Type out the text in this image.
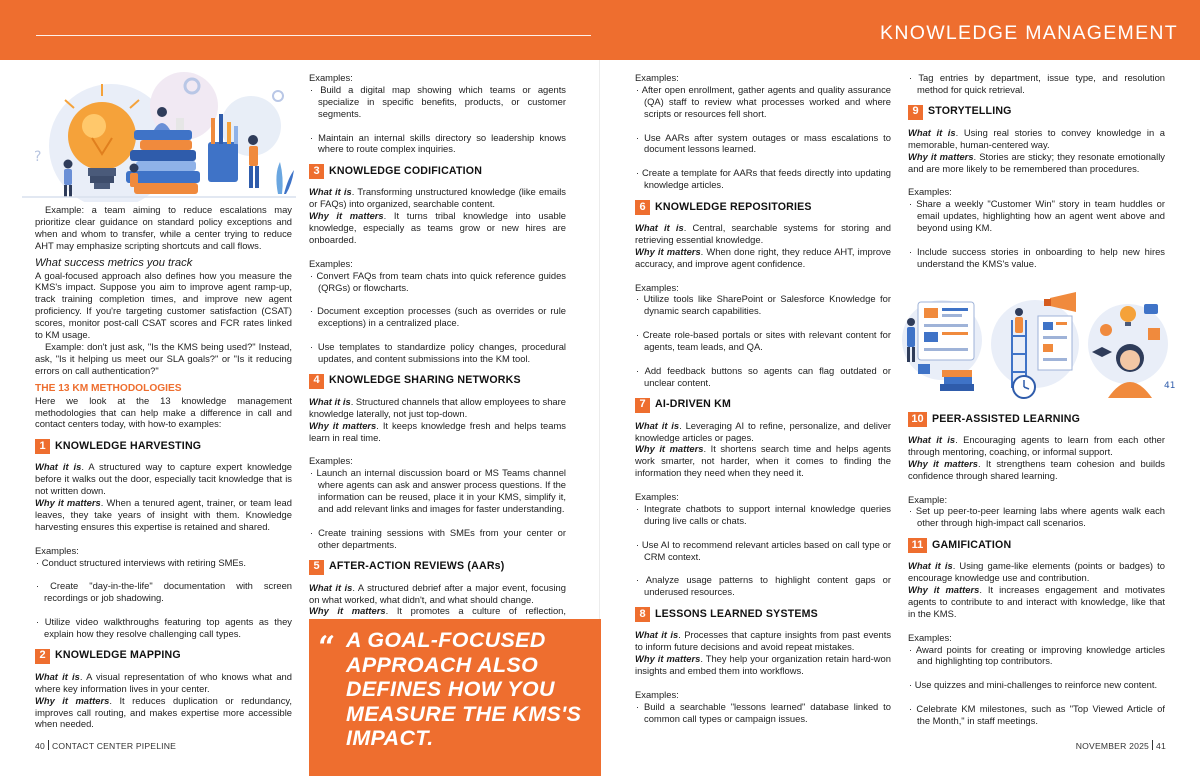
KNOWLEDGE MANAGEMENT
?

Example: a team aiming to reduce escalations may prioritize clear guidance on standard policy exceptions and when and whom to transfer, while a center trying to reduce AHT may emphasize scripting shortcuts and call flows.

What success metrics you track

A goal-focused approach also defines how you measure the KMS's impact. Suppose you aim to improve agent ramp-up, track training completion times, and improve new agent proficiency. If you're targeting customer satisfaction (CSAT) scores, monitor post-call CSAT scores and FCR rates linked to KM usage.

Example: don't just ask, "Is the KMS being used?" Instead, ask, "Is it helping us meet our SLA goals?" or "Is it reducing errors on call authentication?"

THE 13 KM METHODOLOGIES

Here we look at the 13 knowledge management methodologies that can help make a difference in call and contact centers today, with how-to examples:

1 KNOWLEDGE HARVESTING

What it is. A structured way to capture expert knowledge before it walks out the door, especially tacit knowledge that is not written down.

Why it matters. When a tenured agent, trainer, or team lead leaves, they take years of insight with them. Knowledge harvesting ensures this expertise is retained and shared.

Examples:

· Conduct structured interviews with retiring SMEs.

· Create "day-in-the-life" documentation with screen recordings or job shadowing.

· Utilize video walkthroughs featuring top agents as they explain how they resolve challenging call types.

2 KNOWLEDGE MAPPING

What it is. A visual representation of who knows what and where key information lives in your center.

Why it matters. It reduces duplication or redundancy, improves call routing, and makes expertise more accessible when needed.

Examples:

· Build a digital map showing which teams or agents specialize in specific benefits, products, or customer segments.

· Maintain an internal skills directory so leadership knows where to route complex inquiries.

3 KNOWLEDGE CODIFICATION

What it is. Transforming unstructured knowledge (like emails or FAQs) into organized, searchable content.

Why it matters. It turns tribal knowledge into usable knowledge, especially as teams grow or new hires are onboarded.

Examples:

· Convert FAQs from team chats into quick reference guides (QRGs) or flowcharts.

· Document exception processes (such as overrides or rule exceptions) in a centralized place.

· Use templates to standardize policy changes, procedural updates, and content submissions into the KM tool.

4 KNOWLEDGE SHARING NETWORKS

What it is. Structured channels that allow employees to share knowledge laterally, not just top-down.

Why it matters. It keeps knowledge fresh and helps teams learn in real time.

Examples:

· Launch an internal discussion board or MS Teams channel where agents can ask and answer process questions. If the information can be reused, place it in your KMS, simplify it, and add relevant links and images for faster understanding.

· Create training sessions with SMEs from your center or other departments.

5 AFTER-ACTION REVIEWS (AARs)

What it is. A structured debrief after a major event, focusing on what worked, what didn't, and what should change.

Why it matters. It promotes a culture of reflection,

“ A GOAL-FOCUSED APPROACH ALSO DEFINES HOW YOU MEASURE THE KMS'S IMPACT.

Examples:

· After open enrollment, gather agents and quality assurance (QA) staff to review what processes worked and where scripts or resources fell short.

· Use AARs after system outages or mass escalations to document lessons learned.

· Create a template for AARs that feeds directly into updating knowledge articles.

6 KNOWLEDGE REPOSITORIES

What it is. Central, searchable systems for storing and retrieving essential knowledge.

Why it matters. When done right, they reduce AHT, improve accuracy, and improve agent confidence.

Examples:

· Utilize tools like SharePoint or Salesforce Knowledge for dynamic search capabilities.

· Create role-based portals or sites with relevant content for agents, team leads, and QA.

· Add feedback buttons so agents can flag outdated or unclear content.

7 AI-DRIVEN KM

What it is. Leveraging AI to refine, personalize, and deliver knowledge articles or pages.

Why it matters. It shortens search time and helps agents work smarter, not harder, when it comes to finding the information they need when they need it.

Examples:

· Integrate chatbots to support internal knowledge queries during live calls or chats.

· Use AI to recommend relevant articles based on call type or CRM context.

· Analyze usage patterns to highlight content gaps or underused resources.

8 LESSONS LEARNED SYSTEMS

What it is. Processes that capture insights from past events to inform future decisions and avoid repeat mistakes.

Why it matters. They help your organization retain hard-won insights and embed them into workflows.

Examples:

· Build a searchable "lessons learned" database linked to common call types or campaign issues.

· Tag entries by department, issue type, and resolution method for quick retrieval.

9 STORYTELLING

What it is. Using real stories to convey knowledge in a memorable, human-centered way.

Why it matters. Stories are sticky; they resonate emotionally and are more likely to be remembered than procedures.

Examples:

· Share a weekly "Customer Win" story in team huddles or email updates, highlighting how an agent went above and beyond using KM.

· Include success stories in onboarding to help new hires understand the KMS's value.

41
10 PEER-ASSISTED LEARNING

What it is. Encouraging agents to learn from each other through mentoring, coaching, or informal support.

Why it matters. It strengthens team cohesion and builds confidence through shared learning.

Example:

· Set up peer-to-peer learning labs where agents walk each other through high-impact call scenarios.

11 GAMIFICATION

What it is. Using game-like elements (points or badges) to encourage knowledge use and contribution.

Why it matters. It increases engagement and motivates agents to contribute to and interact with knowledge, like that in the KMS.

Examples:

· Award points for creating or improving knowledge articles and highlighting top contributors.

· Use quizzes and mini-challenges to reinforce new content.

· Celebrate KM milestones, such as "Top Viewed Article of the Month," in staff meetings.

40 CONTACT CENTER PIPELINE	NOVEMBER 2025 41
